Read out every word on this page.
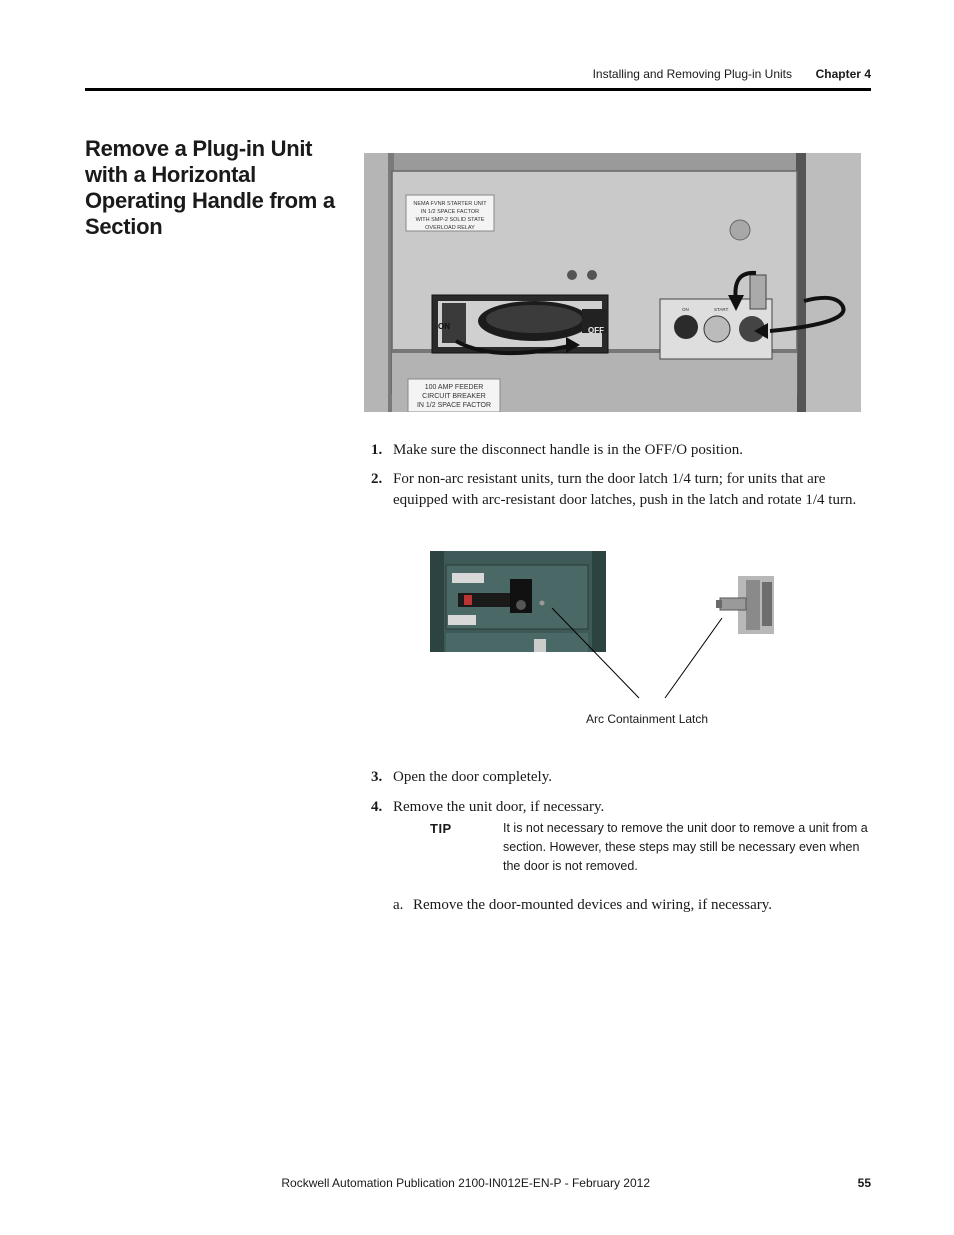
Installing and Removing Plug-in Units	Chapter 4
Remove a Plug-in Unit with a Horizontal Operating Handle from a Section
NEMA FVNR STARTER UNIT
IN 1/2 SPACE FACTOR
WITH SMP-2 SOLID STATE
OVERLOAD RELAY
ON	OFF
ON	START
100 AMP FEEDER
CIRCUIT BREAKER
IN 1/2 SPACE FACTOR
1. Make sure the disconnect handle is in the OFF/O position.
2. For non-arc resistant units, turn the door latch 1/4 turn; for units that are equipped with arc-resistant door latches, push in the latch and rotate 1/4 turn.
Arc Containment Latch
3. Open the door completely.
4. Remove the unit door, if necessary.
TIP	It is not necessary to remove the unit door to remove a unit from a section. However, these steps may still be necessary even when the door is not removed.
a. Remove the door-mounted devices and wiring, if necessary.
Rockwell Automation Publication 2100-IN012E-EN-P - February 2012	55
